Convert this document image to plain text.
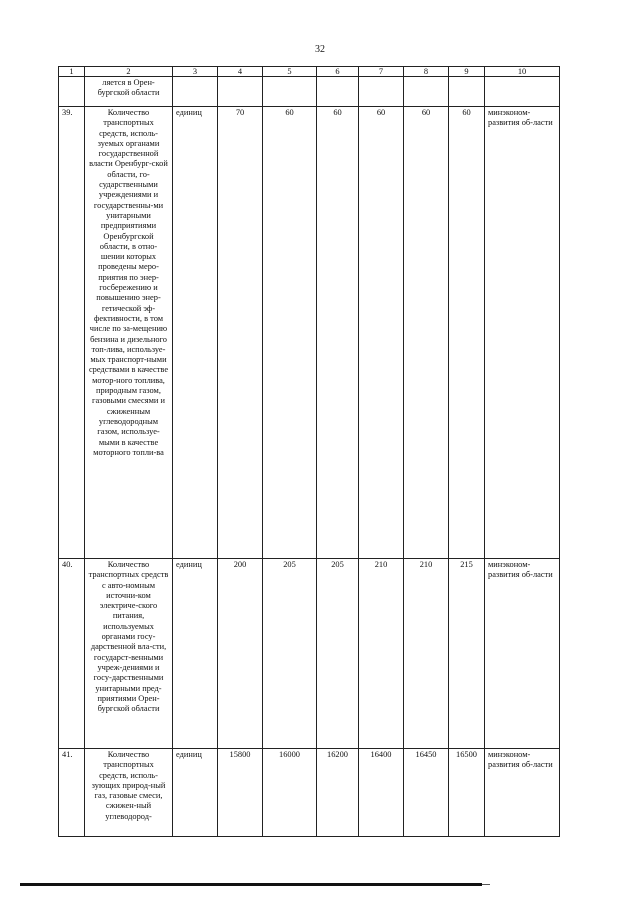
32
1	2	3	4	5	6	7	8	9	10
	ляется в Орен-бургской области								
39.	Количество транспортных средств, исполь-зуемых органами государственной власти Оренбург-ской области, го-сударственными учреждениями и государственны-ми унитарными предприятиями Оренбургской области, в отно-шении которых проведены меро-приятия по энер-госбережению и повышению энер-гетической эф-фективности, в том числе по за-мещению бензина и дизельного топ-лива, используе-мых транспорт-ными средствами в качестве мотор-ного топлива, природным газом, газовыми смесями и сжиженным углеводородным газом, используе-мыми в качестве моторного топли-ва	единиц	70	60	60	60	60	60	минэконом-развития об-ласти
40.	Количество транспортных средств с авто-номным источни-ком электриче-ского питания, используемых органами госу-дарственной вла-сти, государст-венными учреж-дениями и госу-дарственными унитарными пред-приятиями Орен-бургской области	единиц	200	205	205	210	210	215	минэконом-развития об-ласти
41.	Количество транспортных средств, исполь-зующих природ-ный газ, газовые смеси, сжижен-ный углеводород-	единиц	15800	16000	16200	16400	16450	16500	минэконом-развития об-ласти
